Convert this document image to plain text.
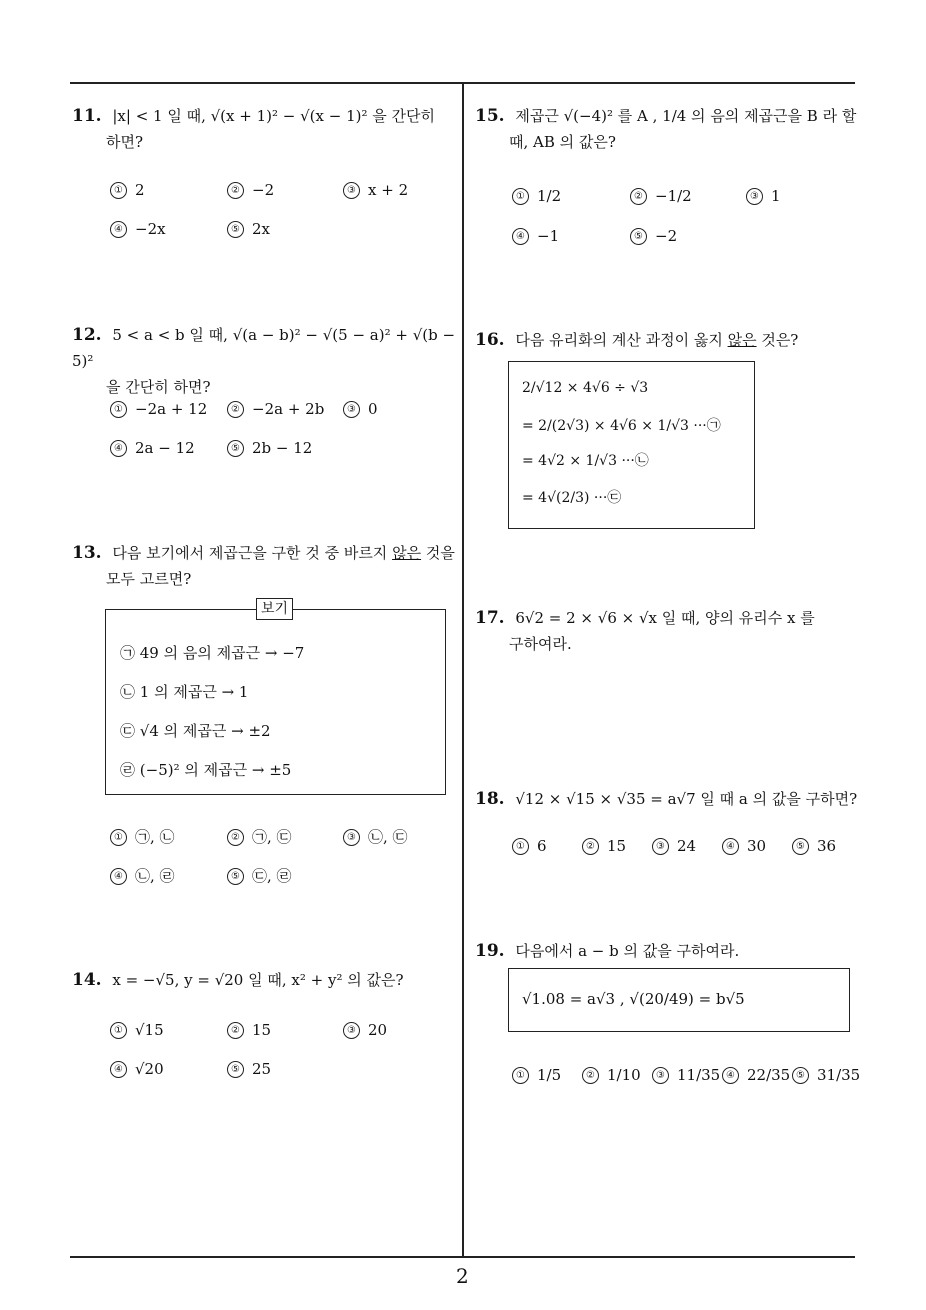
2
11. |x| < 1 일 때, √(x + 1)² − √(x − 1)² 을 간단히
하면?
① 2	② −2	③ x + 2
④ −2x	⑤ 2x
12. 5 < a < b 일 때, √(a − b)² − √(5 − a)² + √(b − 5)²
을 간단히 하면?
① −2a + 12	② −2a + 2b	③ 0
④ 2a − 12	⑤ 2b − 12
13. 다음 보기에서 제곱근을 구한 것 중 바르지 않은 것을
모두 고르면?
보기
㉠ 49 의 음의 제곱근 → −7
㉡ 1 의 제곱근 → 1
㉢ √4 의 제곱근 → ±2
㉣ (−5)² 의 제곱근 → ±5
① ㉠, ㉡	② ㉠, ㉢	③ ㉡, ㉢
④ ㉡, ㉣	⑤ ㉢, ㉣
14. x = −√5, y = √20 일 때, x² + y² 의 값은?
① √15	② 15	③ 20
④ √20	⑤ 25
15. 제곱근 √(−4)² 를 A , 1/4 의 음의 제곱근을 B 라 할
때, AB 의 값은?
① 1/2	② −1/2	③ 1
④ −1	⑤ −2
16. 다음 유리화의 계산 과정이 옳지 않은 것은?
2/√12 × 4√6 ÷ √3
= 2/(2√3) × 4√6 × 1/√3 ···㉠
= 4√2 × 1/√3 ···㉡
= 4√(2/3) ···㉢
17. 6√2 = 2 × √6 × √x 일 때, 양의 유리수 x 를
구하여라.
18. √12 × √15 × √35 = a√7 일 때 a 의 값을 구하면?
① 6	② 15	③ 24	④ 30	⑤ 36
19. 다음에서 a − b 의 값을 구하여라.
√1.08 = a√3 , √(20/49) = b√5
① 1/5	② 1/10	③ 11/35 ④ 22/35 ⑤ 31/35
